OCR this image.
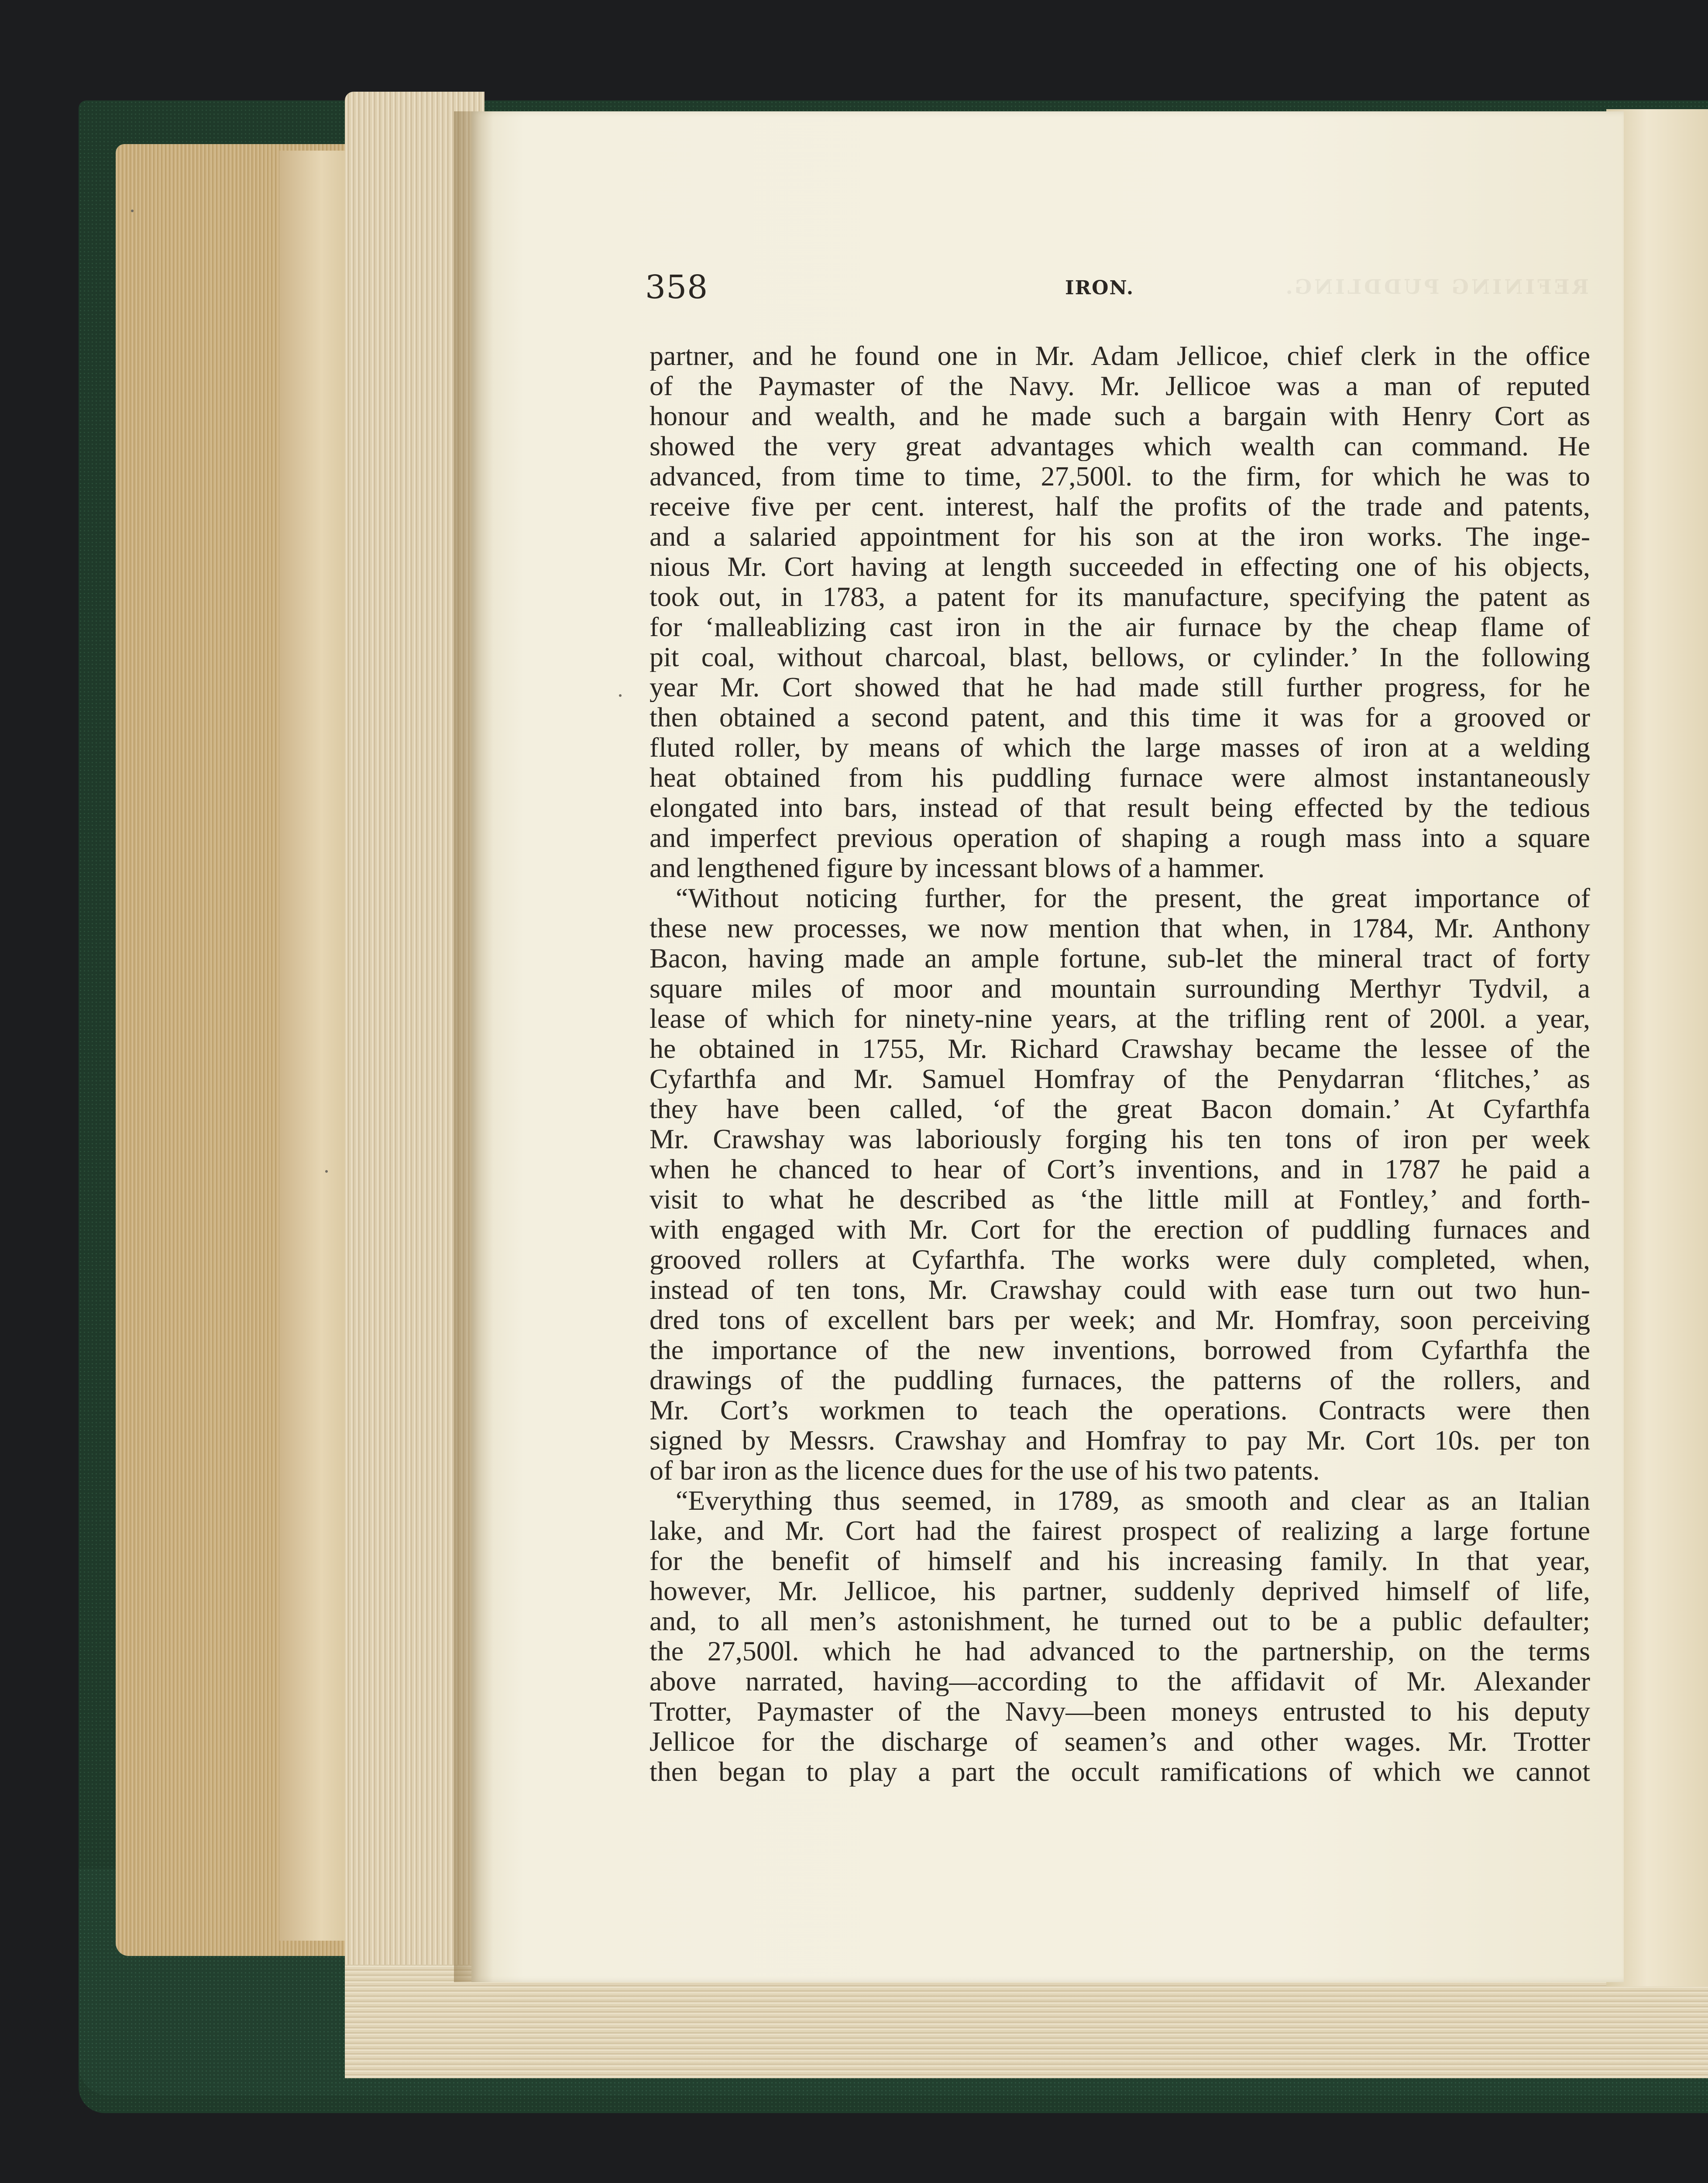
REFINING PUDDLING.
358	IRON.
partner, and he found one in Mr. Adam Jellicoe, chief clerk in the office
of the Paymaster of the Navy. Mr. Jellicoe was a man of reputed
honour and wealth, and he made such a bargain with Henry Cort as
showed the very great advantages which wealth can command. He
advanced, from time to time, 27,500l. to the firm, for which he was to
receive five per cent. interest, half the profits of the trade and patents,
and a salaried appointment for his son at the iron works. The inge-
nious Mr. Cort having at length succeeded in effecting one of his objects,
took out, in 1783, a patent for its manufacture, specifying the patent as
for ‘malleablizing cast iron in the air furnace by the cheap flame of
pit coal, without charcoal, blast, bellows, or cylinder.’ In the following
year Mr. Cort showed that he had made still further progress, for he
then obtained a second patent, and this time it was for a grooved or
fluted roller, by means of which the large masses of iron at a welding
heat obtained from his puddling furnace were almost instantaneously
elongated into bars, instead of that result being effected by the tedious
and imperfect previous operation of shaping a rough mass into a square
and lengthened figure by incessant blows of a hammer.
“Without noticing further, for the present, the great importance of
these new processes, we now mention that when, in 1784, Mr. Anthony
Bacon, having made an ample fortune, sub-let the mineral tract of forty
square miles of moor and mountain surrounding Merthyr Tydvil, a
lease of which for ninety-nine years, at the trifling rent of 200l. a year,
he obtained in 1755, Mr. Richard Crawshay became the lessee of the
Cyfarthfa and Mr. Samuel Homfray of the Penydarran ‘flitches,’ as
they have been called, ‘of the great Bacon domain.’ At Cyfarthfa
Mr. Crawshay was laboriously forging his ten tons of iron per week
when he chanced to hear of Cort’s inventions, and in 1787 he paid a
visit to what he described as ‘the little mill at Fontley,’ and forth-
with engaged with Mr. Cort for the erection of puddling furnaces and
grooved rollers at Cyfarthfa. The works were duly completed, when,
instead of ten tons, Mr. Crawshay could with ease turn out two hun-
dred tons of excellent bars per week; and Mr. Homfray, soon perceiving
the importance of the new inventions, borrowed from Cyfarthfa the
drawings of the puddling furnaces, the patterns of the rollers, and
Mr. Cort’s workmen to teach the operations. Contracts were then
signed by Messrs. Crawshay and Homfray to pay Mr. Cort 10s. per ton
of bar iron as the licence dues for the use of his two patents.
“Everything thus seemed, in 1789, as smooth and clear as an Italian
lake, and Mr. Cort had the fairest prospect of realizing a large fortune
for the benefit of himself and his increasing family. In that year,
however, Mr. Jellicoe, his partner, suddenly deprived himself of life,
and, to all men’s astonishment, he turned out to be a public defaulter;
the 27,500l. which he had advanced to the partnership, on the terms
above narrated, having—according to the affidavit of Mr. Alexander
Trotter, Paymaster of the Navy—been moneys entrusted to his deputy
Jellicoe for the discharge of seamen’s and other wages. Mr. Trotter
then began to play a part the occult ramifications of which we cannot
